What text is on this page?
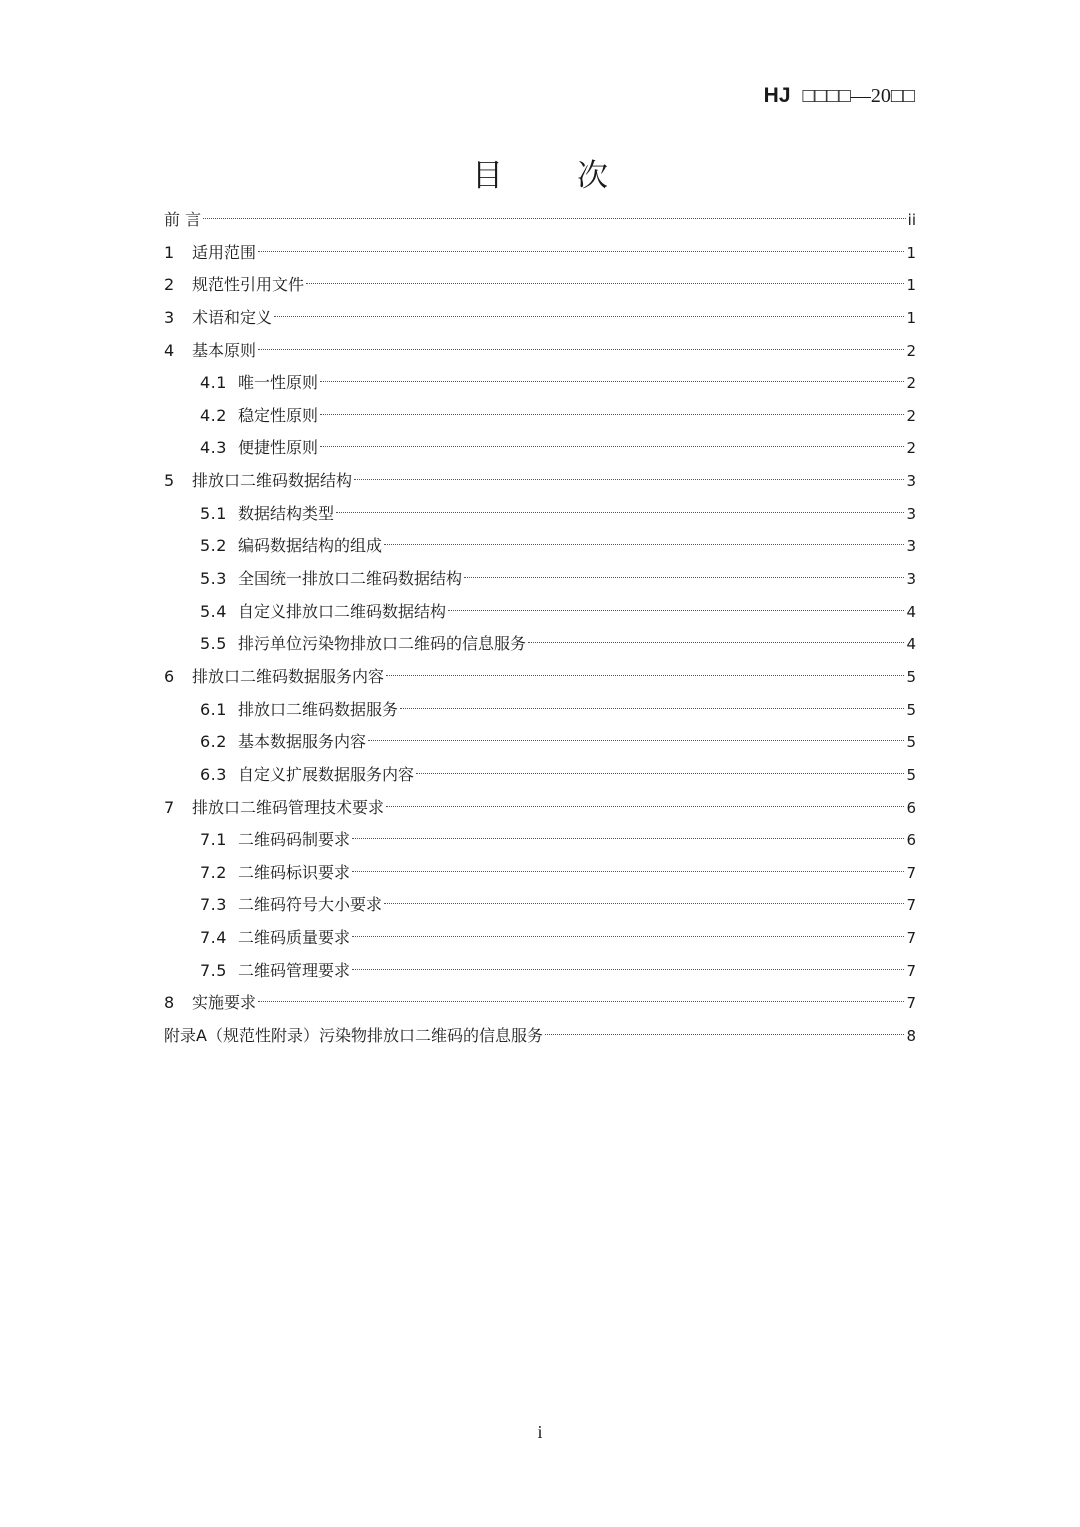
HJ □□□□—20□□
目 次
前 言	ii
1	适用范围	1
2	规范性引用文件	1
3	术语和定义	1
4	基本原则	2
4.1 唯一性原则	2
4.2 稳定性原则	2
4.3 便捷性原则	2
5	排放口二维码数据结构	3
5.1 数据结构类型	3
5.2 编码数据结构的组成	3
5.3 全国统一排放口二维码数据结构	3
5.4 自定义排放口二维码数据结构	4
5.5 排污单位污染物排放口二维码的信息服务	4
6	排放口二维码数据服务内容	5
6.1 排放口二维码数据服务	5
6.2 基本数据服务内容	5
6.3 自定义扩展数据服务内容	5
7	排放口二维码管理技术要求	6
7.1 二维码码制要求	6
7.2 二维码标识要求	7
7.3 二维码符号大小要求	7
7.4 二维码质量要求	7
7.5 二维码管理要求	7
8	实施要求	7
附录A（规范性附录）污染物排放口二维码的信息服务	8
i
